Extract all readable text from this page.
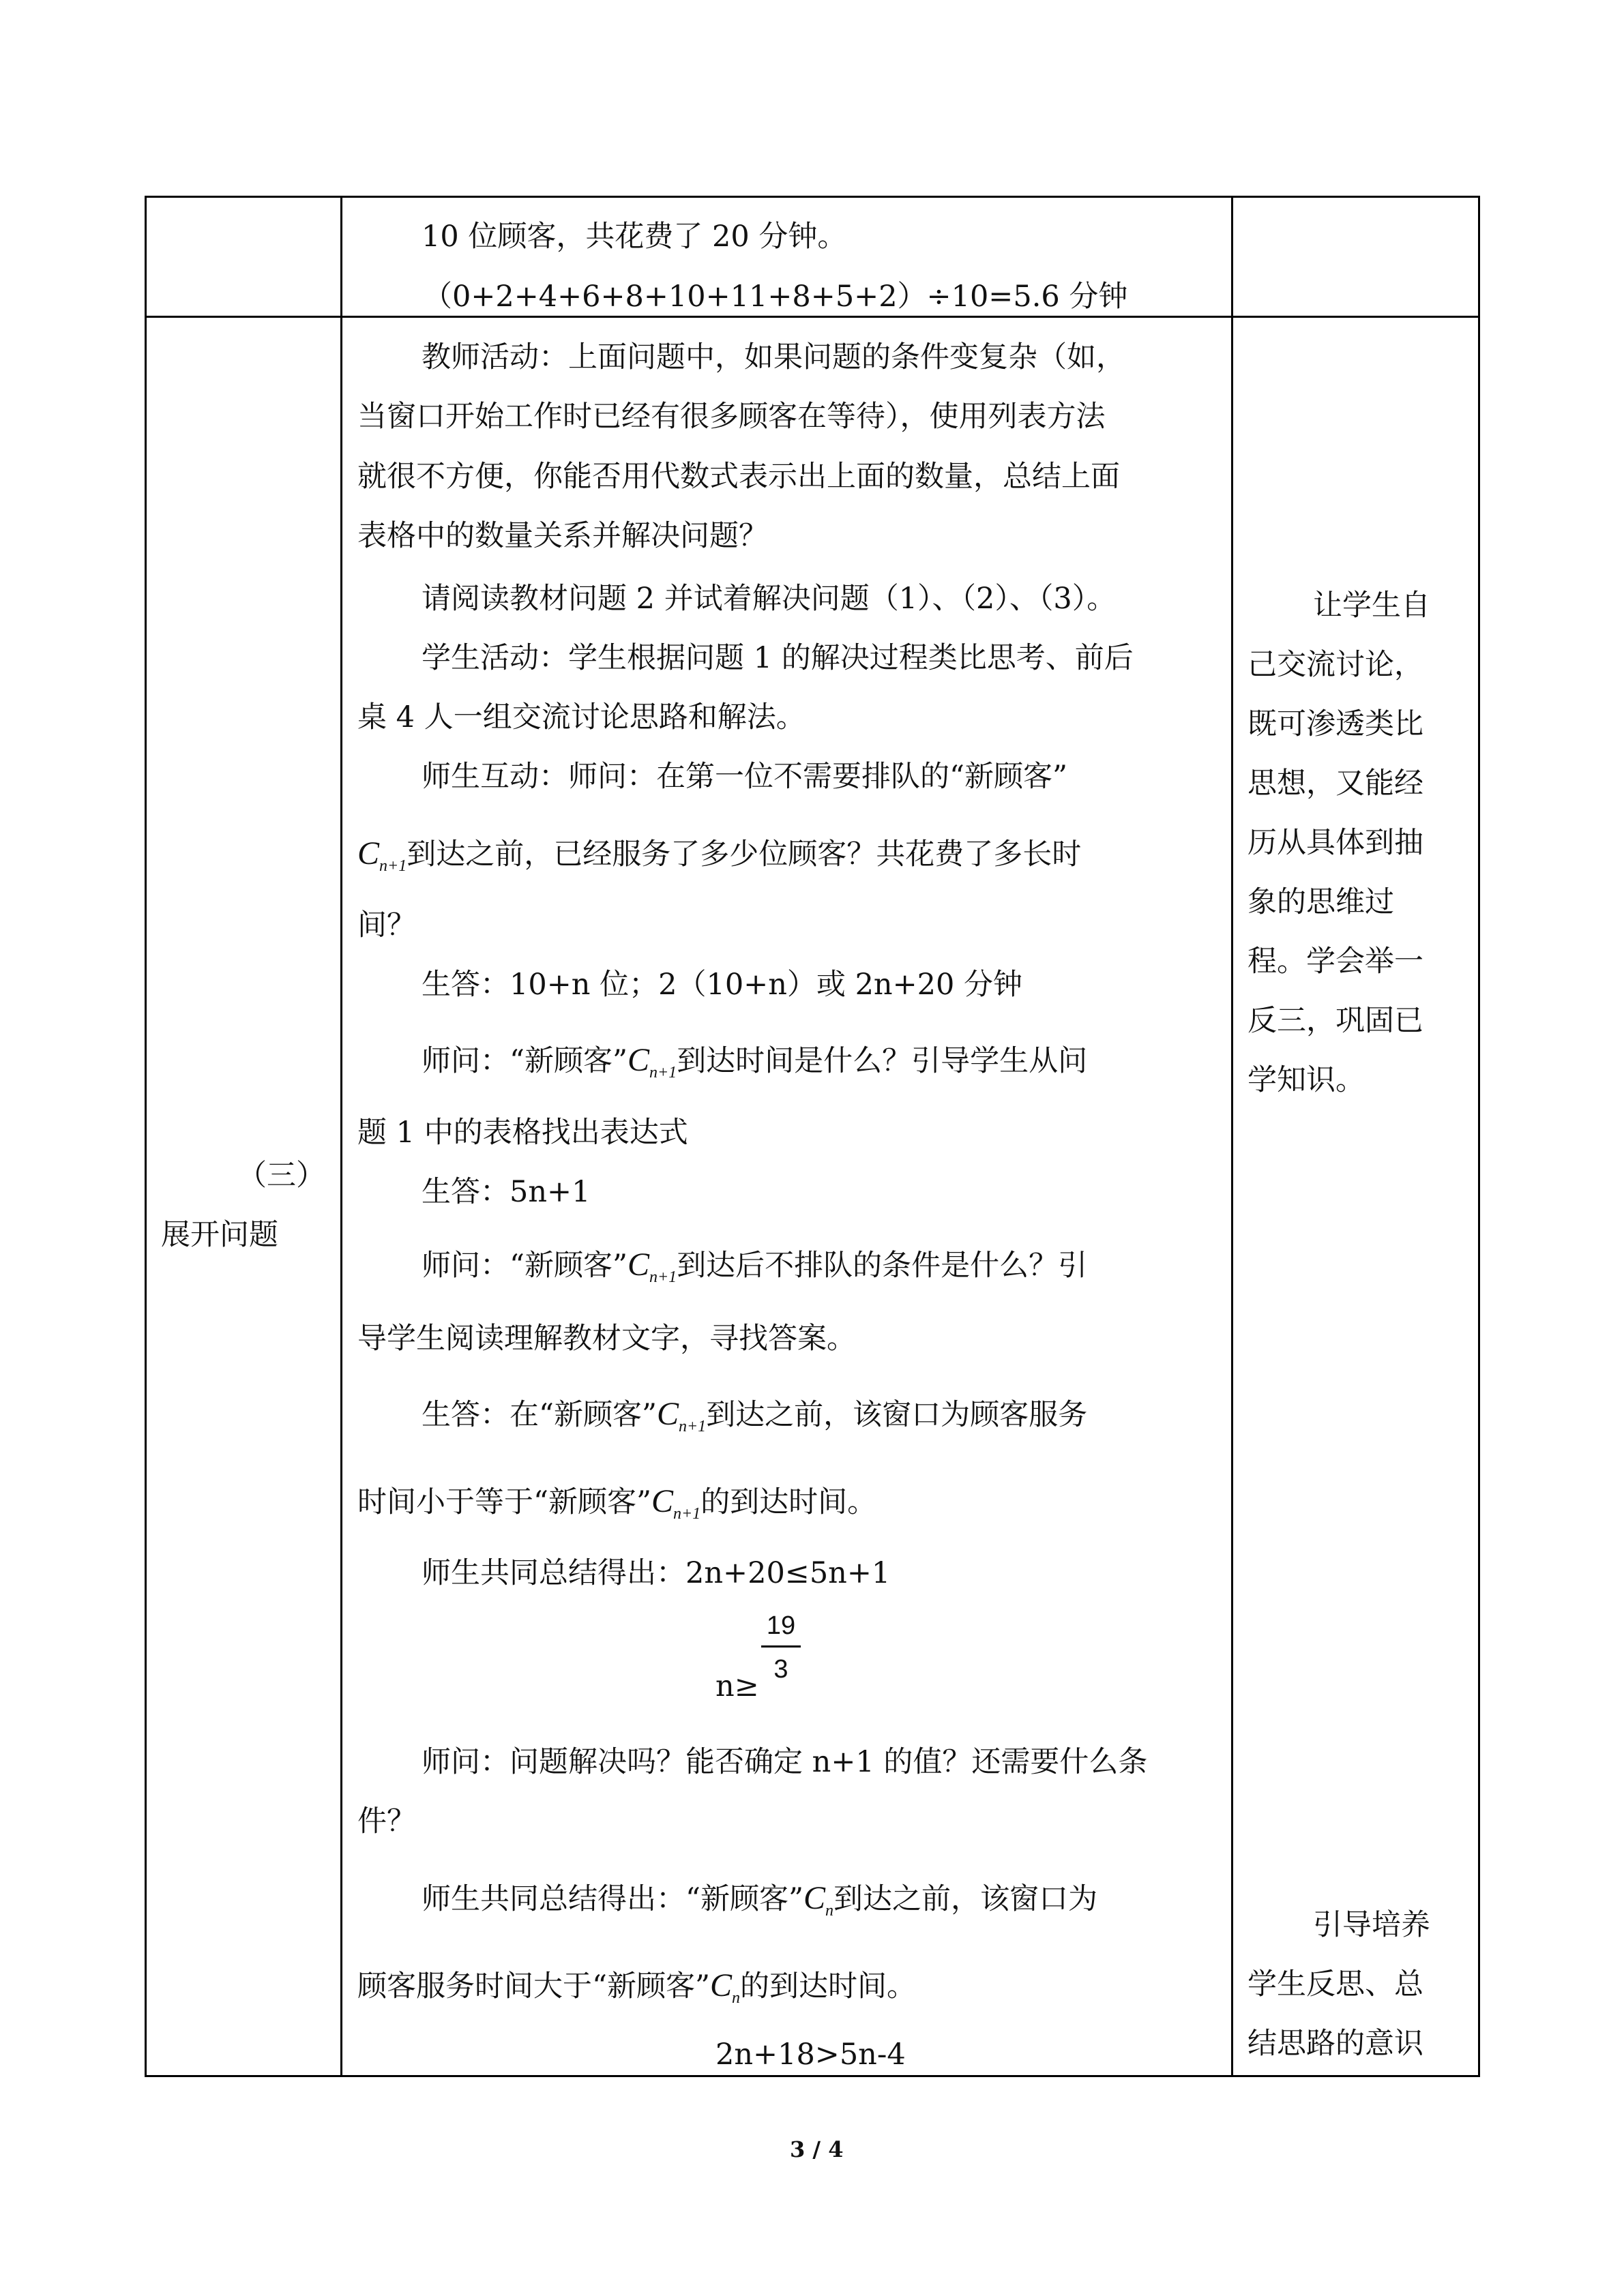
10 位顾客，共花费了 20 分钟。
（0+2+4+6+8+10+11+8+5+2）÷10=5.6 分钟
（三）
展开问题
教师活动：上面问题中，如果问题的条件变复杂（如，
当窗口开始工作时已经有很多顾客在等待），使用列表方法
就很不方便，你能否用代数式表示出上面的数量，总结上面
表格中的数量关系并解决问题？
请阅读教材问题 2 并试着解决问题（1）、（2）、（3）。
学生活动：学生根据问题 1 的解决过程类比思考、前后
桌 4 人一组交流讨论思路和解法。
师生互动：师问：在第一位不需要排队的“新顾客”
$C_{n+1}$到达之前，已经服务了多少位顾客？共花费了多长时
间？
生答：10+n 位；2（10+n）或 2n+20 分钟
师问：“新顾客$”C_{n+1}$到达时间是什么？引导学生从问
题 1 中的表格找出表达式
生答：5n+1
师问：“新顾客$”C_{n+1}$到达后不排队的条件是什么？引
导学生阅读理解教材文字，寻找答案。
生答：在“新顾客$”C_{n+1}$到达之前，该窗口为顾客服务
时间小于等于“新顾客$”C_{n+1}$的到达时间。
师生共同总结得出：2n+20≤5n+1
n≥
19
3
师问：问题解决吗？能否确定 n+1 的值？还需要什么条
件？
师生共同总结得出：“新顾客$”C_n$到达之前，该窗口为
顾客服务时间大于“新顾客$”C_n$的到达时间。
2n+18>5n-4
让学生自
己交流讨论，
既可渗透类比
思想，又能经
历从具体到抽
象的思维过
程。学会举一
反三，巩固已
学知识。
引导培养
学生反思、总
结思路的意识
3 / 4
